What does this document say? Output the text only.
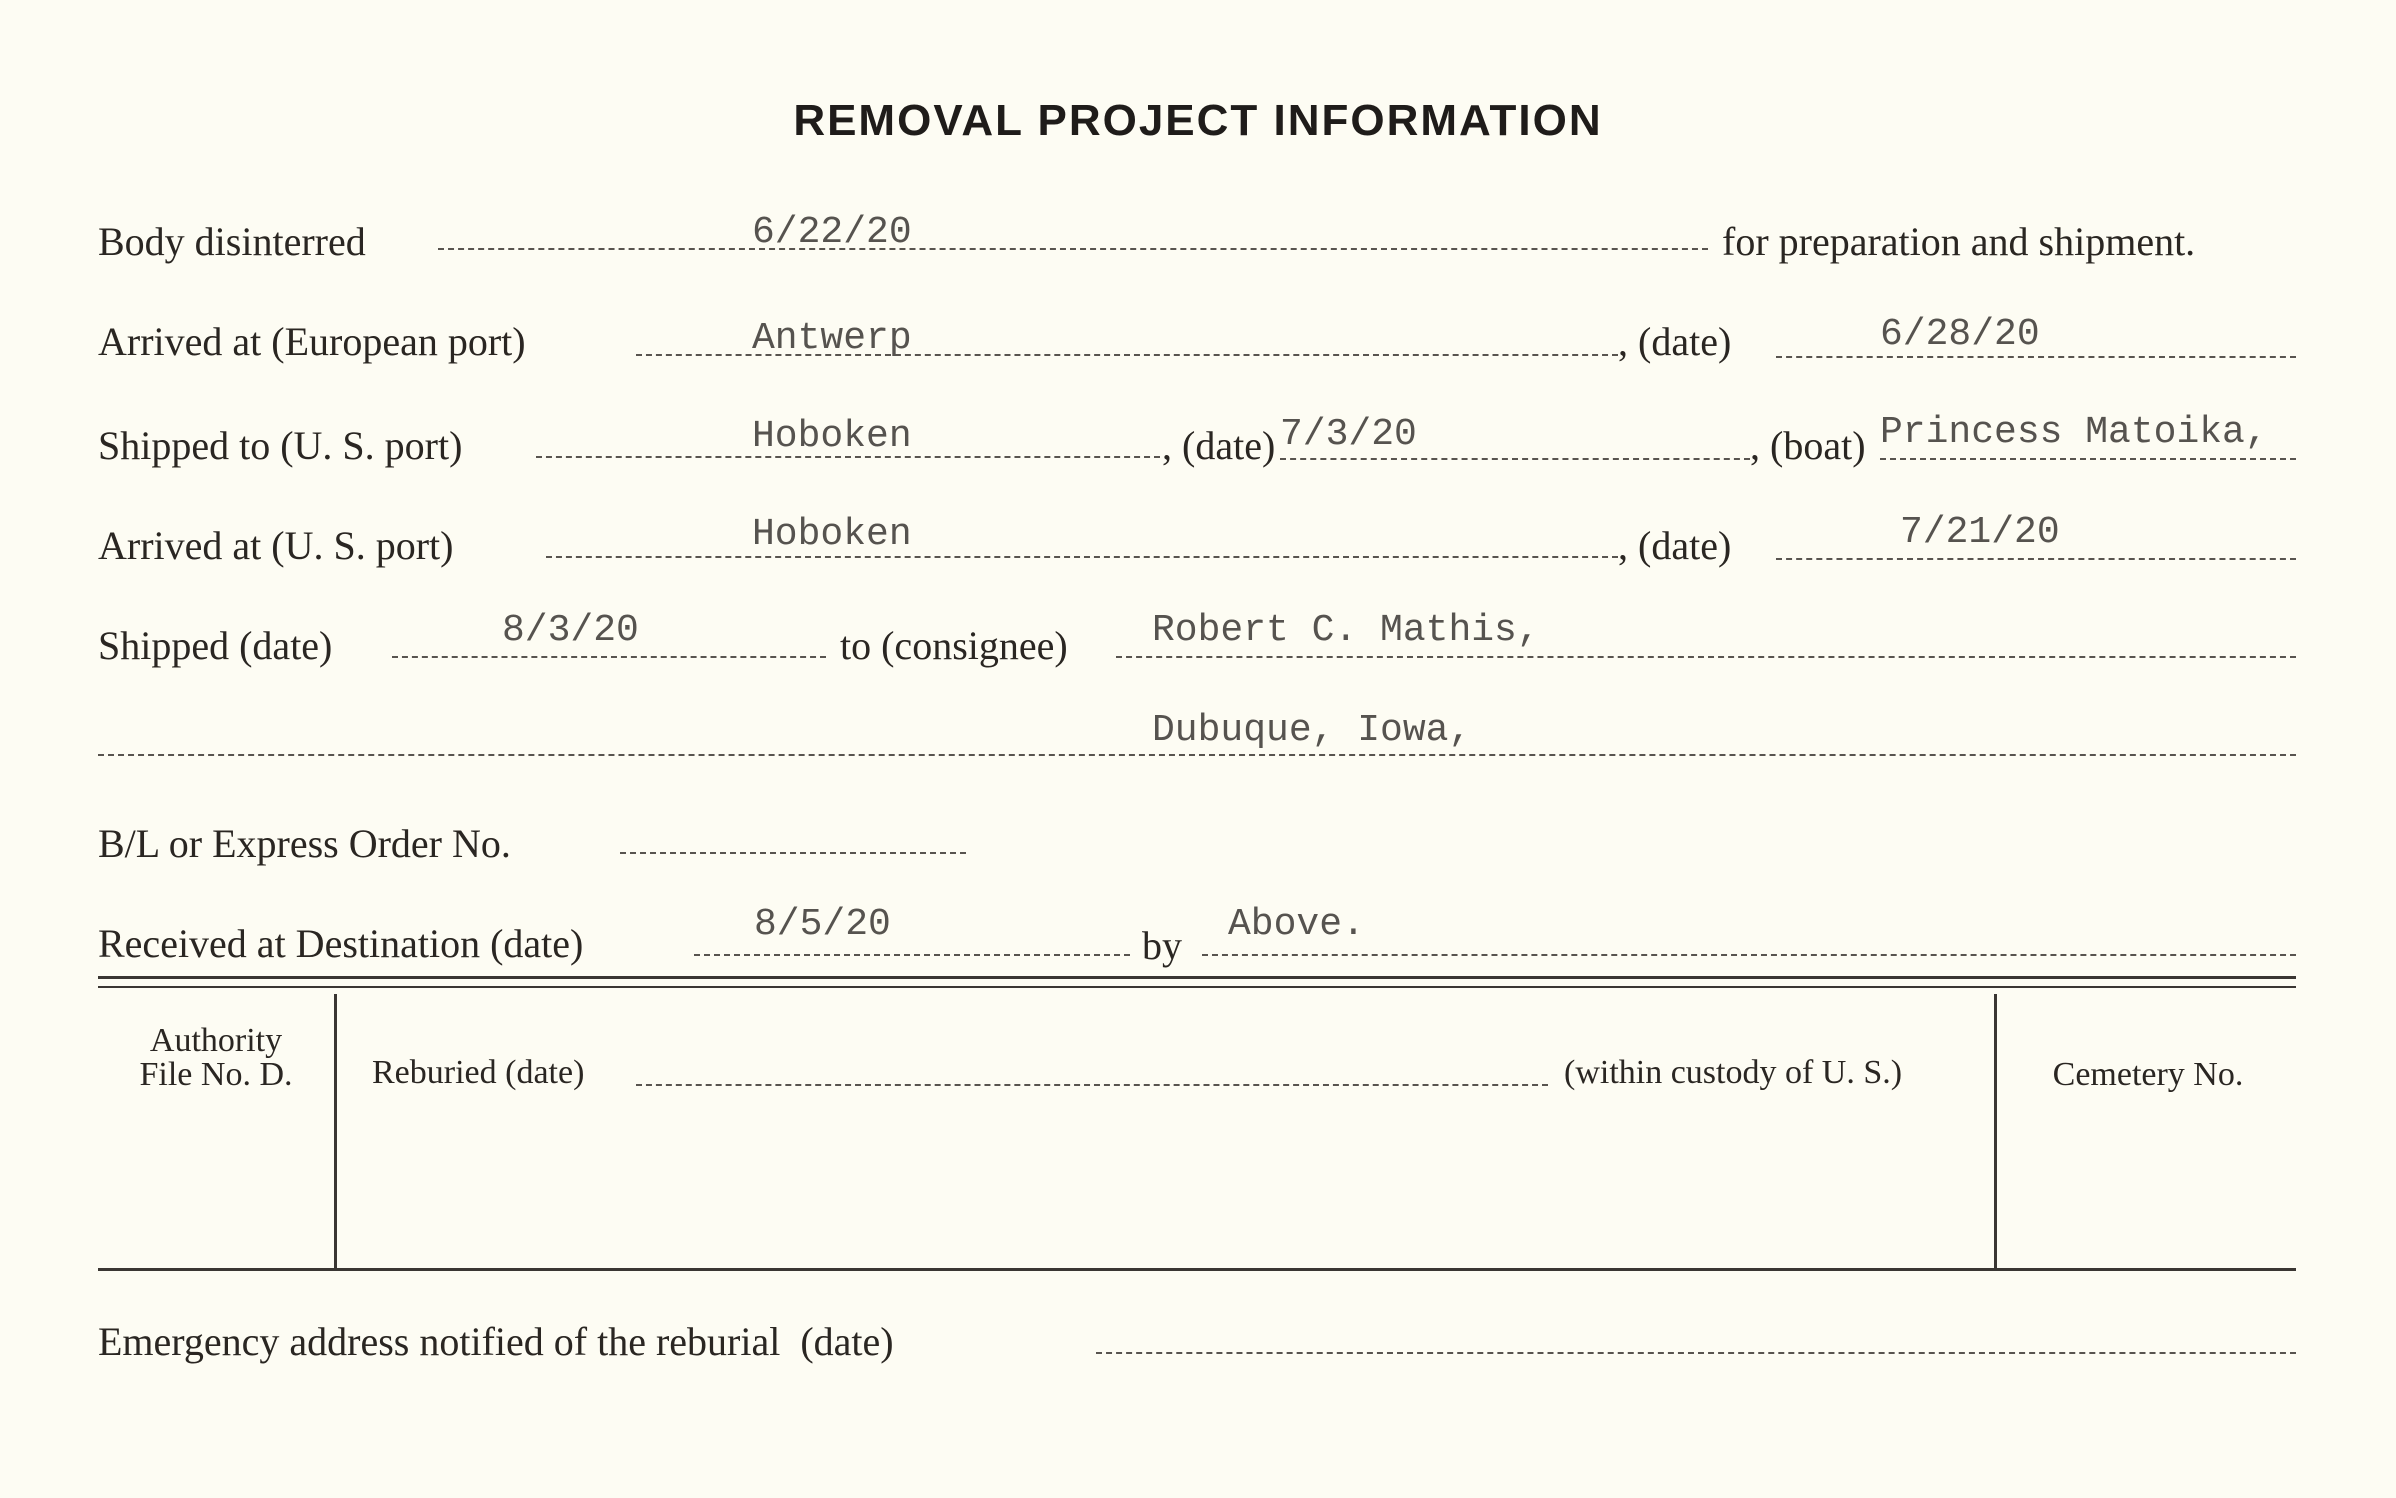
REMOVAL PROJECT INFORMATION
Body disinterred	6/22/20	for preparation and shipment.
Arrived at (European port)	Antwerp	, (date)	6/28/20
Shipped to (U. S. port)	Hoboken	, (date) 7/3/20	, (boat) Princess Matoika,
Arrived at (U. S. port)	Hoboken	, (date)	7/21/20
Shipped (date)	8/3/20	to (consignee) Robert C. Mathis,
Dubuque, Iowa,
B/L or Express Order No.
Received at Destination (date)	8/5/20	by Above.
Authority
File No. D.	Reburied (date)	(within custody of U. S.)	Cemetery No.
Emergency address notified of the reburial  (date)
